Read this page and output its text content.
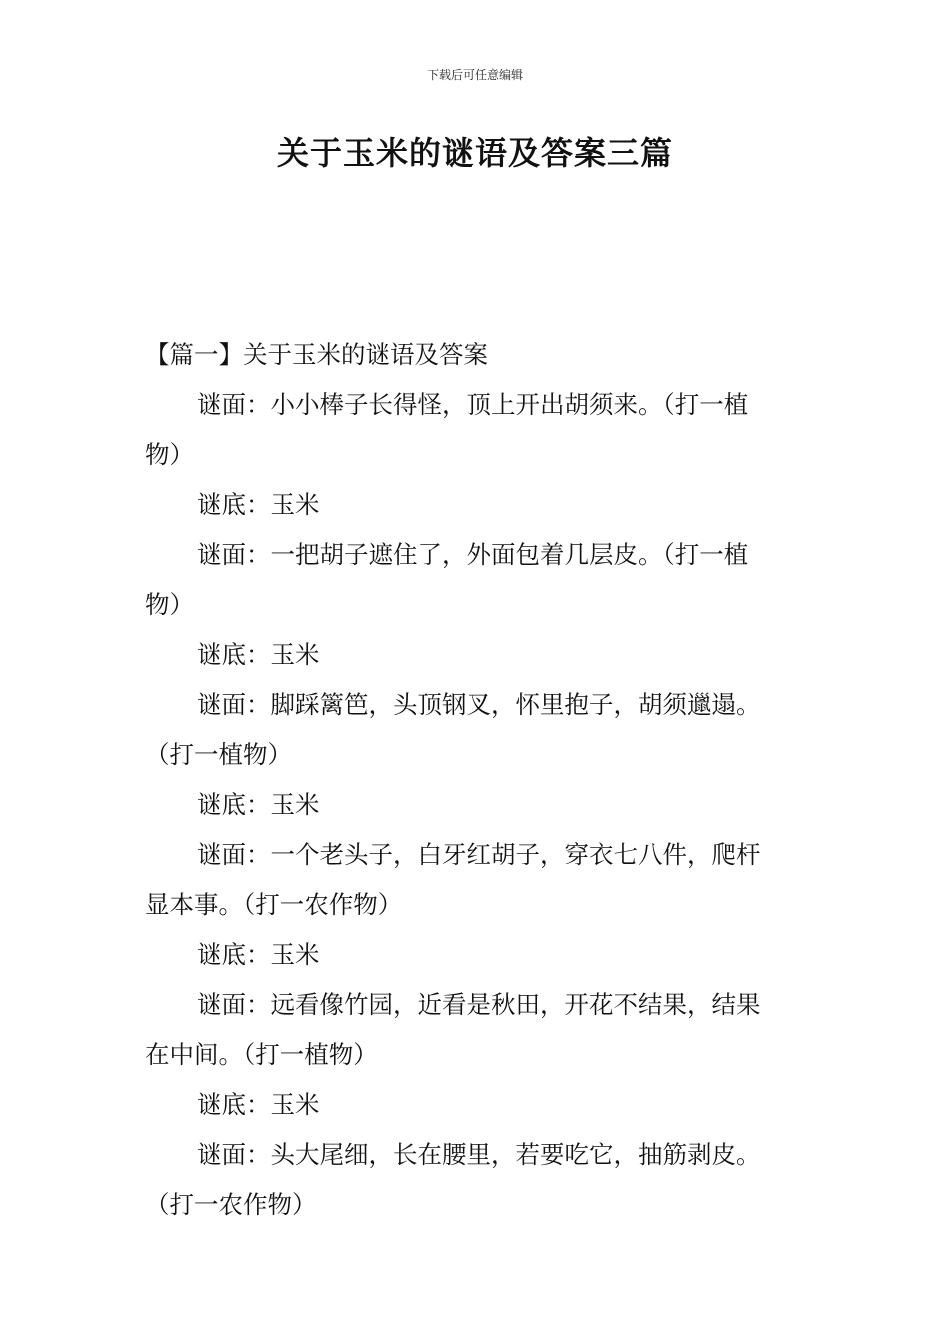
下载后可任意编辑
关于玉米的谜语及答案三篇
【篇一】关于玉米的谜语及答案
谜面：小小棒子长得怪，顶上开出胡须来。（打一植
物）
谜底：玉米
谜面：一把胡子遮住了，外面包着几层皮。（打一植
物）
谜底：玉米
谜面：脚踩篱笆，头顶钢叉，怀里抱子，胡须邋遢。
（打一植物）
谜底：玉米
谜面：一个老头子，白牙红胡子，穿衣七八件，爬杆
显本事。（打一农作物）
谜底：玉米
谜面：远看像竹园，近看是秋田，开花不结果，结果
在中间。（打一植物）
谜底：玉米
谜面：头大尾细，长在腰里，若要吃它，抽筋剥皮。
（打一农作物）
